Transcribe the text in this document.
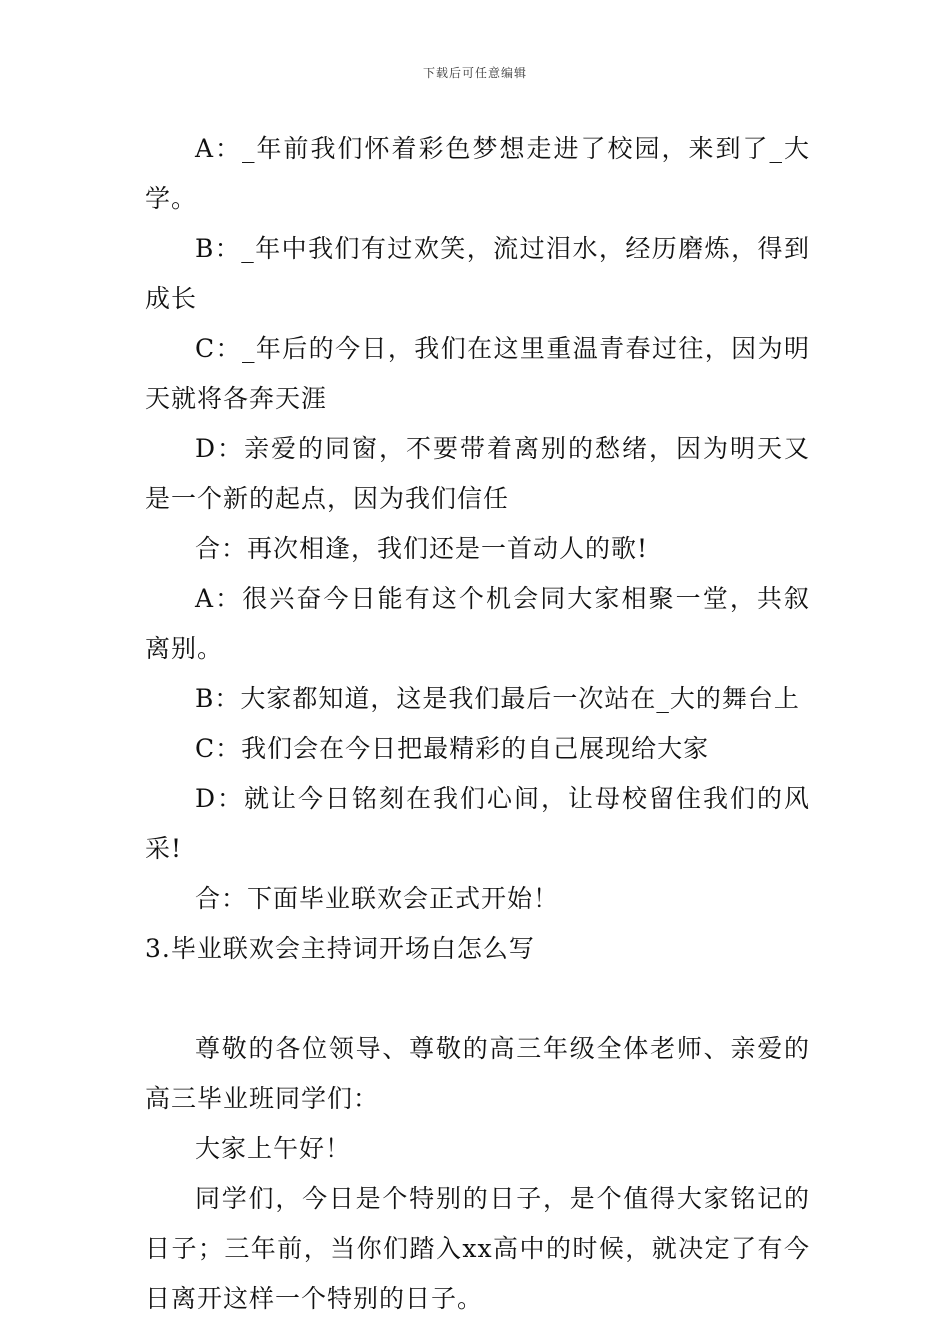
下载后可任意编辑

A：_年前我们怀着彩色梦想走进了校园，来到了_大学。

B：_年中我们有过欢笑，流过泪水，经历磨炼，得到成长

C：_年后的今日，我们在这里重温青春过往，因为明天就将各奔天涯

D：亲爱的同窗，不要带着离别的愁绪，因为明天又是一个新的起点，因为我们信任

合：再次相逢，我们还是一首动人的歌!

A：很兴奋今日能有这个机会同大家相聚一堂，共叙离别。

B：大家都知道，这是我们最后一次站在_大的舞台上

C：我们会在今日把最精彩的自己展现给大家

D：就让今日铭刻在我们心间，让母校留住我们的风采!

合：下面毕业联欢会正式开始！

3.毕业联欢会主持词开场白怎么写

尊敬的各位领导、尊敬的高三年级全体老师、亲爱的高三毕业班同学们：

大家上午好！

同学们，今日是个特别的日子，是个值得大家铭记的日子；三年前，当你们踏入xx高中的时候，就决定了有今日离开这样一个特别的日子。
